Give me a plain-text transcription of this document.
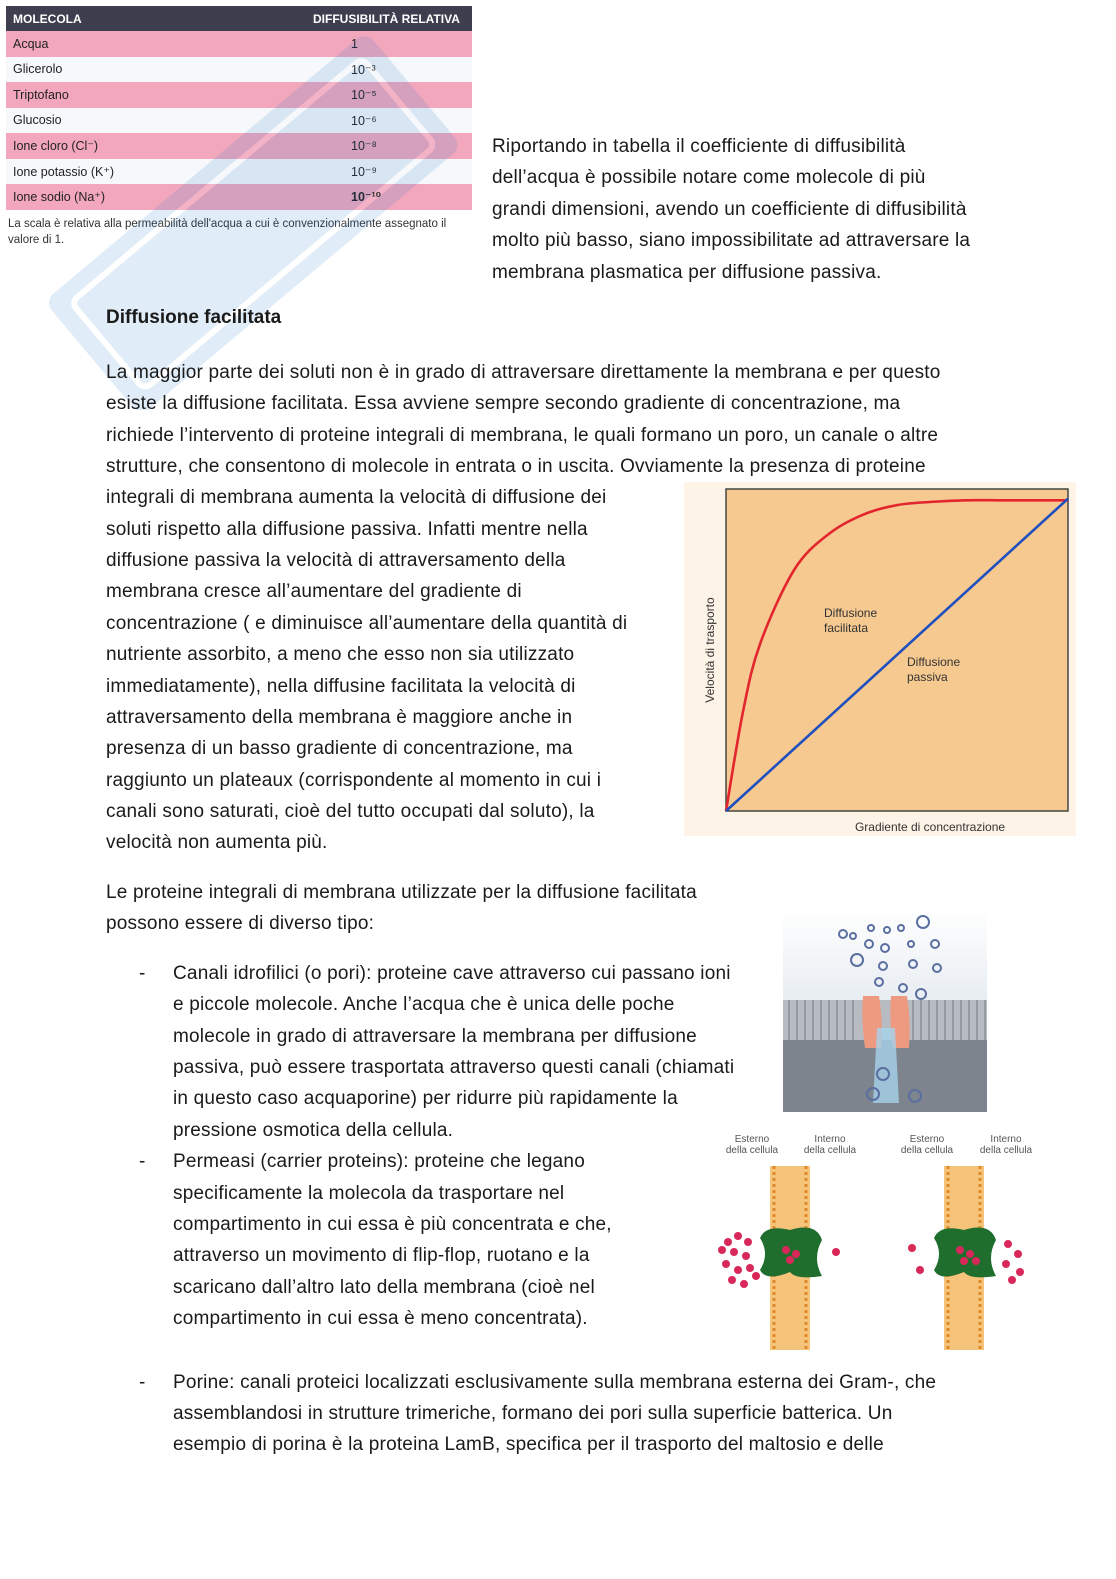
MOLECOLA	DIFFUSIBILITÀ RELATIVA
Acqua	1
Glicerolo	10⁻³
Triptofano	10⁻⁵
Glucosio	10⁻⁶
Ione cloro (Cl⁻)	10⁻⁸
Ione potassio (K⁺)	10⁻⁹
Ione sodio (Na⁺)	10⁻¹⁰
La scala è relativa alla permeabilità dell'acqua a cui è convenzionalmente assegnato il valore di 1.

Riportando in tabella il coefficiente di diffusibilità

dell’acqua è possibile notare come molecole di più

grandi dimensioni, avendo un coefficiente di diffusibilità

molto più basso, siano impossibilitate ad attraversare la

membrana plasmatica per diffusione passiva.

Diffusione facilitata

La maggior parte dei soluti non è in grado di attraversare direttamente la membrana e per questo

esiste la diffusione facilitata. Essa avviene sempre secondo gradiente di concentrazione, ma

richiede l’intervento di proteine integrali di membrana, le quali formano un poro, un canale o altre

strutture, che consentono di molecole in entrata o in uscita. Ovviamente la presenza di proteine

integrali di membrana aumenta la velocità di diffusione dei

soluti rispetto alla diffusione passiva. Infatti mentre nella

diffusione passiva la velocità di attraversamento della

membrana cresce all’aumentare del gradiente di

concentrazione ( e diminuisce all’aumentare della quantità di

nutriente assorbito, a meno che esso non sia utilizzato

immediatamente), nella diffusine facilitata la velocità di

attraversamento della membrana è maggiore anche in

presenza di un basso gradiente di concentrazione, ma

raggiunto un plateaux (corrispondente al momento in cui i

canali sono saturati, cioè del tutto occupati dal soluto), la

velocità non aumenta più.

Velocità di trasporto
Gradiente di concentrazione
Diffusione
facilitata
Diffusione
passiva

Le proteine integrali di membrana utilizzate per la diffusione facilitata

possono essere di diverso tipo:

- Canali idrofilici (o pori): proteine cave attraverso cui passano ioni

e piccole molecole. Anche l’acqua che è unica delle poche

molecole in grado di attraversare la membrana per diffusione

passiva, può essere trasportata attraverso questi canali (chiamati

in questo caso acquaporine) per ridurre più rapidamente la

pressione osmotica della cellula.

- Permeasi (carrier proteins): proteine che legano

specificamente la molecola da trasportare nel

compartimento in cui essa è più concentrata e che,

attraverso un movimento di flip-flop, ruotano e la

scaricano dall’altro lato della membrana (cioè nel

compartimento in cui essa è meno concentrata).

Esterno
della cellula
Interno
della cellula
Esterno
della cellula
Interno
della cellula
- Porine: canali proteici localizzati esclusivamente sulla membrana esterna dei Gram-, che

assemblandosi in strutture trimeriche, formano dei pori sulla superficie batterica. Un

esempio di porina è la proteina LamB, specifica per il trasporto del maltosio e delle
